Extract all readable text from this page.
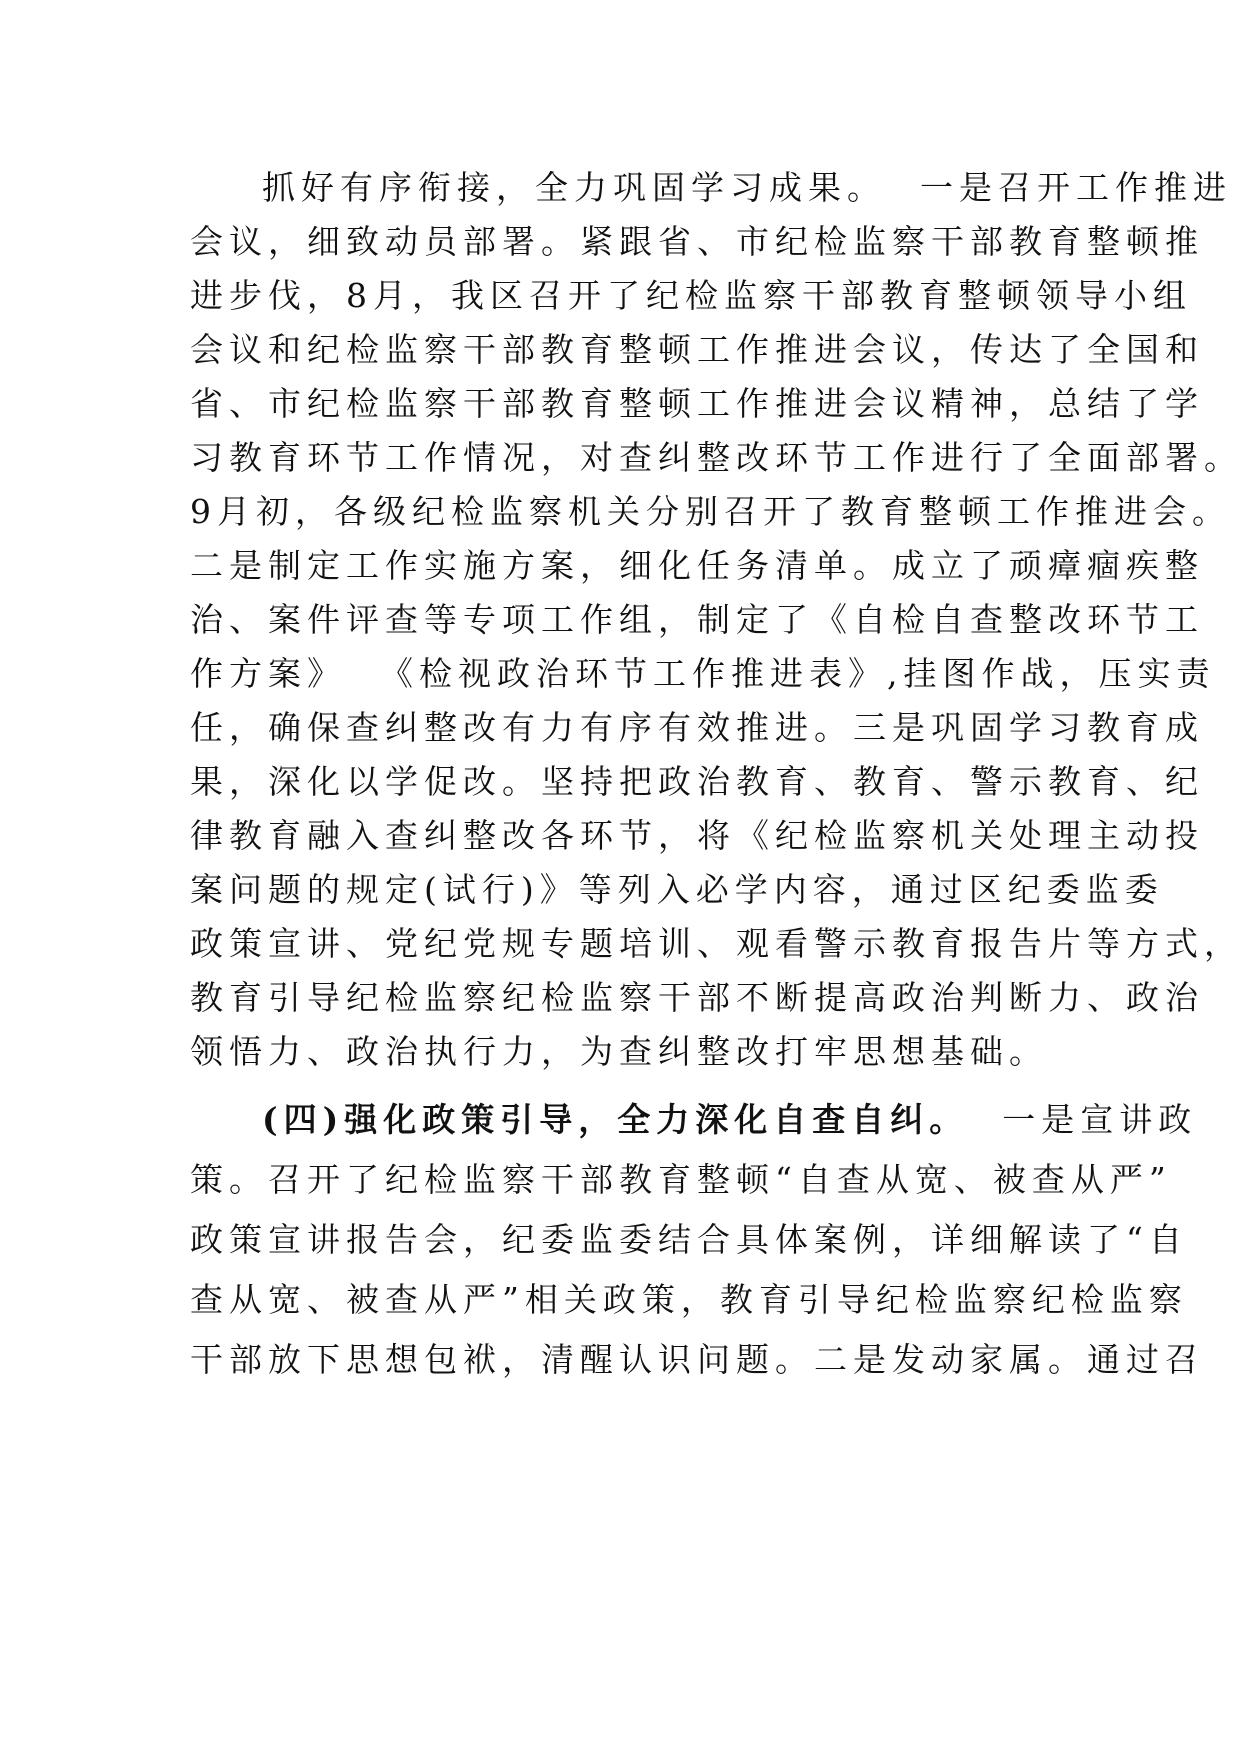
抓好有序衔接，全力巩固学习成果。 一是召开工作推进
会议，细致动员部署。紧跟省、市纪检监察干部教育整顿推
进步伐，8月，我区召开了纪检监察干部教育整顿领导小组
会议和纪检监察干部教育整顿工作推进会议，传达了全国和
省、市纪检监察干部教育整顿工作推进会议精神，总结了学
习教育环节工作情况，对查纠整改环节工作进行了全面部署。
9月初，各级纪检监察机关分别召开了教育整顿工作推进会。
二是制定工作实施方案，细化任务清单。成立了顽瘴痼疾整
治、案件评查等专项工作组，制定了《自检自查整改环节工
作方案》 《检视政治环节工作推进表》,挂图作战，压实责
任，确保查纠整改有力有序有效推进。三是巩固学习教育成
果，深化以学促改。坚持把政治教育、教育、警示教育、纪
律教育融入查纠整改各环节，将《纪检监察机关处理主动投
案问题的规定(试行)》等列入必学内容，通过区纪委监委
政策宣讲、党纪党规专题培训、观看警示教育报告片等方式，
教育引导纪检监察纪检监察干部不断提高政治判断力、政治
领悟力、政治执行力，为查纠整改打牢思想基础。
(四)强化政策引导，全力深化自查自纠。 一是宣讲政
策。召开了纪检监察干部教育整顿“自查从宽、被查从严”
政策宣讲报告会，纪委监委结合具体案例，详细解读了“自
查从宽、被查从严”相关政策，教育引导纪检监察纪检监察
干部放下思想包袱，清醒认识问题。二是发动家属。通过召
